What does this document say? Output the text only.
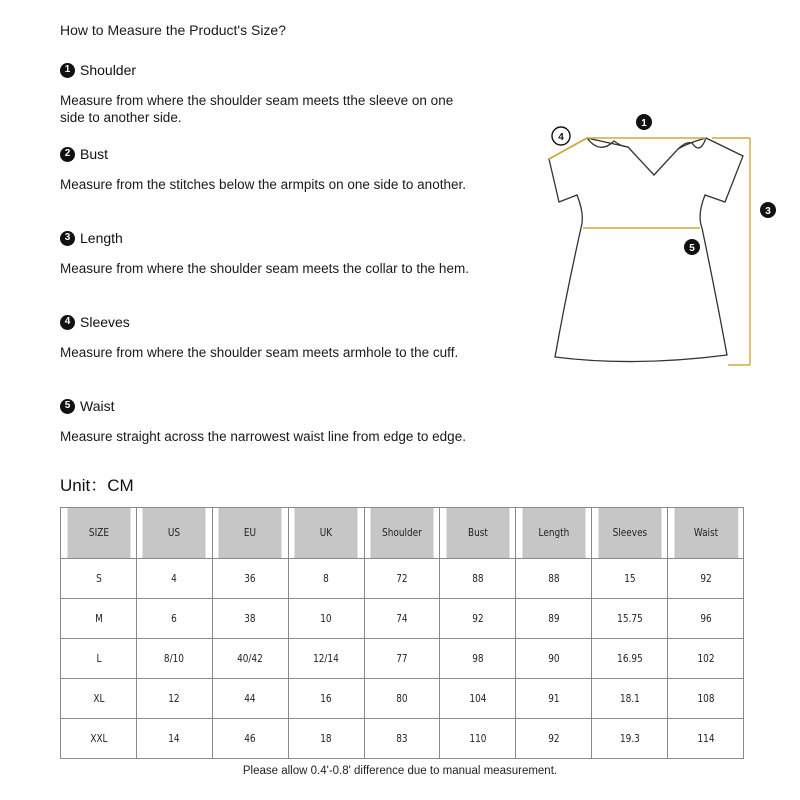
How to Measure the Product's Size?
1 Shoulder
Measure from where the shoulder seam meets tthe sleeve on one side to another side.
2 Bust
Measure from the stitches below the armpits on one side to another.
3 Length
Measure from where the shoulder seam meets the collar to the hem.
4 Sleeves
Measure from where the shoulder seam meets armhole to the cuff.
5 Waist
Measure straight across the narrowest waist line from edge to edge.
1
4
3
5
Unit：CM
SIZE	US	EU	UK	Shoulder	Bust	Length	Sleeves	Waist
S	4	36	8	72	88	88	15	92
M	6	38	10	74	92	89	15.75	96
L	8/10	40/42	12/14	77	98	90	16.95	102
XL	12	44	16	80	104	91	18.1	108
XXL	14	46	18	83	110	92	19.3	114
Please allow 0.4'-0.8' difference due to manual measurement.
